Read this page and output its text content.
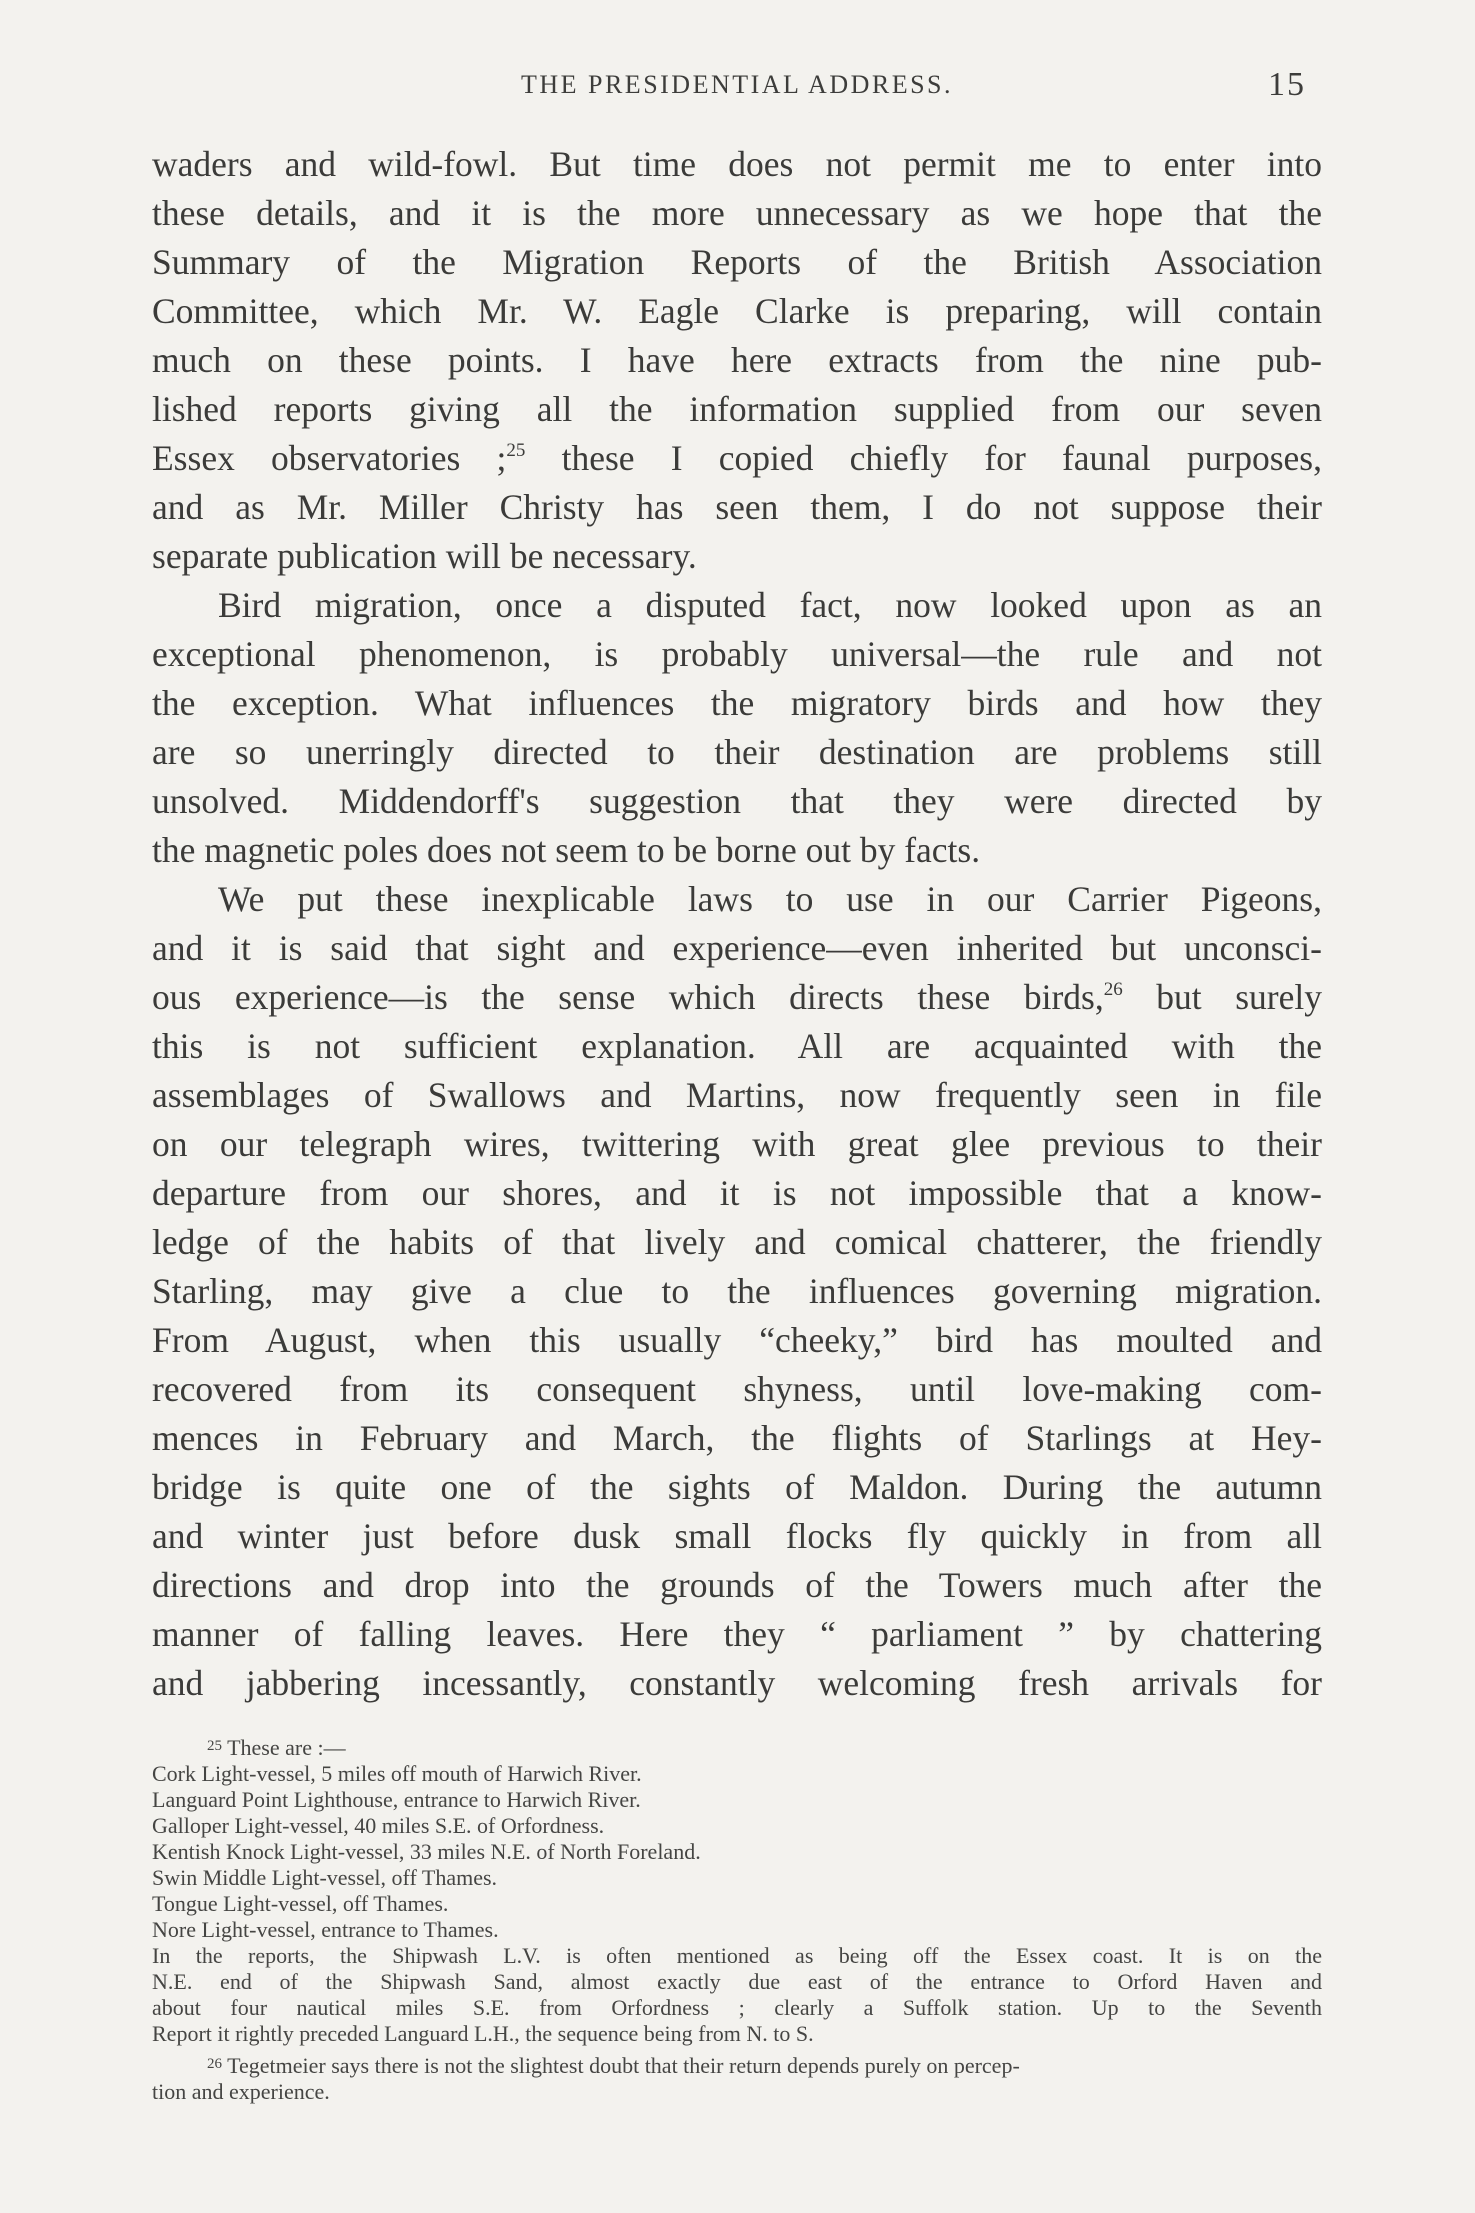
THE PRESIDENTIAL ADDRESS.	15
waders and wild-fowl. But time does not permit me to enter into
these details, and it is the more unnecessary as we hope that the
Summary of the Migration Reports of the British Association
Committee, which Mr. W. Eagle Clarke is preparing, will contain
much on these points. I have here extracts from the nine pub-
lished reports giving all the information supplied from our seven
Essex observatories ;$^{25}$ these I copied chiefly for faunal purposes,
and as Mr. Miller Christy has seen them, I do not suppose their
separate publication will be necessary.
Bird migration, once a disputed fact, now looked upon as an
exceptional phenomenon, is probably universal—the rule and not
the exception. What influences the migratory birds and how they
are so unerringly directed to their destination are problems still
unsolved. Middendorff's suggestion that they were directed by
the magnetic poles does not seem to be borne out by facts.
We put these inexplicable laws to use in our Carrier Pigeons,
and it is said that sight and experience—even inherited but unconsci-
ous experience—is the sense which directs these birds,$^{26}$ but surely
this is not sufficient explanation. All are acquainted with the
assemblages of Swallows and Martins, now frequently seen in file
on our telegraph wires, twittering with great glee previous to their
departure from our shores, and it is not impossible that a know-
ledge of the habits of that lively and comical chatterer, the friendly
Starling, may give a clue to the influences governing migration.
From August, when this usually “cheeky,” bird has moulted and
recovered from its consequent shyness, until love-making com-
mences in February and March, the flights of Starlings at Hey-
bridge is quite one of the sights of Maldon. During the autumn
and winter just before dusk small flocks fly quickly in from all
directions and drop into the grounds of the Towers much after the
manner of falling leaves. Here they “ parliament ” by chattering
and jabbering incessantly, constantly welcoming fresh arrivals for
$^{25}$ These are :—
Cork Light-vessel, 5 miles off mouth of Harwich River.
Languard Point Lighthouse, entrance to Harwich River.
Galloper Light-vessel, 40 miles S.E. of Orfordness.
Kentish Knock Light-vessel, 33 miles N.E. of North Foreland.
Swin Middle Light-vessel, off Thames.
Tongue Light-vessel, off Thames.
Nore Light-vessel, entrance to Thames.
In the reports, the Shipwash L.V. is often mentioned as being off the Essex coast. It is on the
N.E. end of the Shipwash Sand, almost exactly due east of the entrance to Orford Haven and
about four nautical miles S.E. from Orfordness ; clearly a Suffolk station. Up to the Seventh
Report it rightly preceded Languard L.H., the sequence being from N. to S.
$^{26}$ Tegetmeier says there is not the slightest doubt that their return depends purely on percep-
tion and experience.
